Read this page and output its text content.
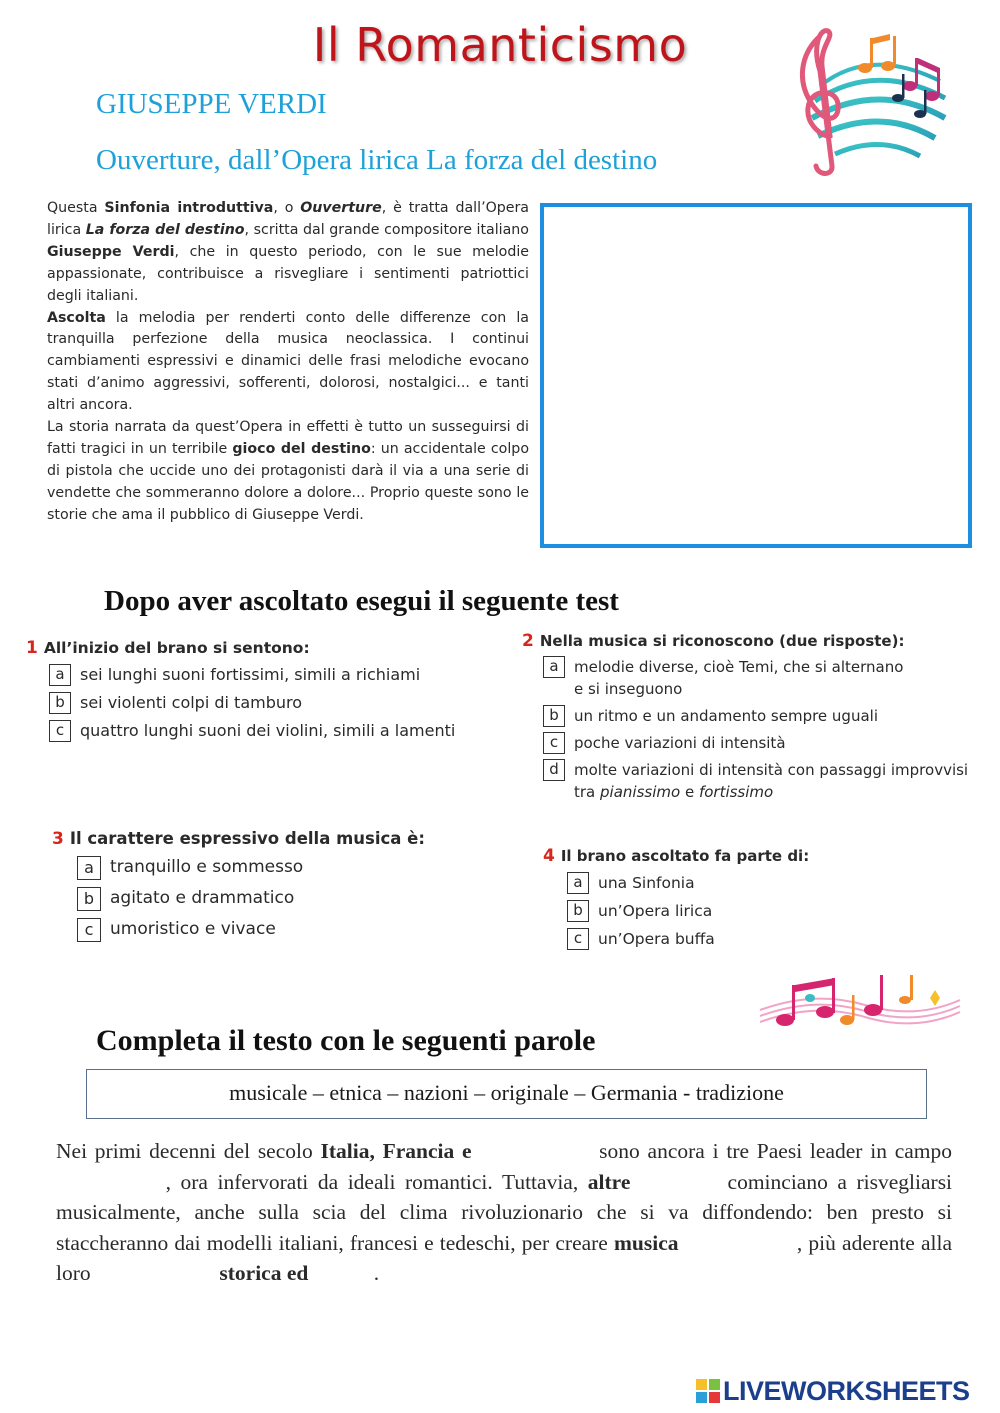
Il Romanticismo
GIUSEPPE VERDI
Ouverture, dall’Opera lirica La forza del destino

Questa Sinfonia introduttiva, o Ouverture, è tratta dall’Opera lirica La forza del destino, scritta dal grande compositore italiano Giuseppe Verdi, che in questo periodo, con le sue melodie appassionate, contribuisce a risvegliare i sentimenti patriottici degli italiani.

Ascolta la melodia per renderti conto delle differenze con la tranquilla perfezione della musica neoclassica. I continui cambiamenti espressivi e dinamici delle frasi melodiche evocano stati d’animo aggressivi, sofferenti, dolorosi, nostalgici... e tanti altri ancora.

La storia narrata da quest’Opera in effetti è tutto un susseguirsi di fatti tragici in un terribile gioco del destino: un accidentale colpo di pistola che uccide uno dei protagonisti darà il via a una serie di vendette che sommeranno dolore a dolore... Proprio queste sono le storie che ama il pubblico di Giuseppe Verdi.

Dopo aver ascoltato esegui il seguente test
1 All’inizio del brano si sentono:
a sei lunghi suoni fortissimi, simili a richiami
b sei violenti colpi di tamburo
c quattro lunghi suoni dei violini, simili a lamenti
2 Nella musica si riconoscono (due risposte):
a	melodie diverse, cioè Temi, che si alternano
e si inseguono
b	un ritmo e un andamento sempre uguali
c	poche variazioni di intensità
d	molte variazioni di intensità con passaggi improvvisi
tra pianissimo e fortissimo
3 Il carattere espressivo della musica è:
a tranquillo e sommesso
b agitato e drammatico
c umoristico e vivace
4 Il brano ascoltato fa parte di:
a una Sinfonia
b un’Opera lirica
c	un’Opera buffa
Completa il testo con le seguenti parole
musicale – etnica – nazioni – originale – Germania - tradizione
Nei primi decenni del secolo Italia, Francia e	sono ancora i tre Paesi leader in campo  , ora infervorati da ideali romantici. Tuttavia, altre	cominciano a risvegliarsi musicalmente, anche sulla scia del clima rivoluzionario che si va diffondendo: ben presto si staccheranno dai modelli italiani, francesi e tedeschi, per creare musica	, più aderente alla loro	storica ed	.
LIVEWORKSHEETS
